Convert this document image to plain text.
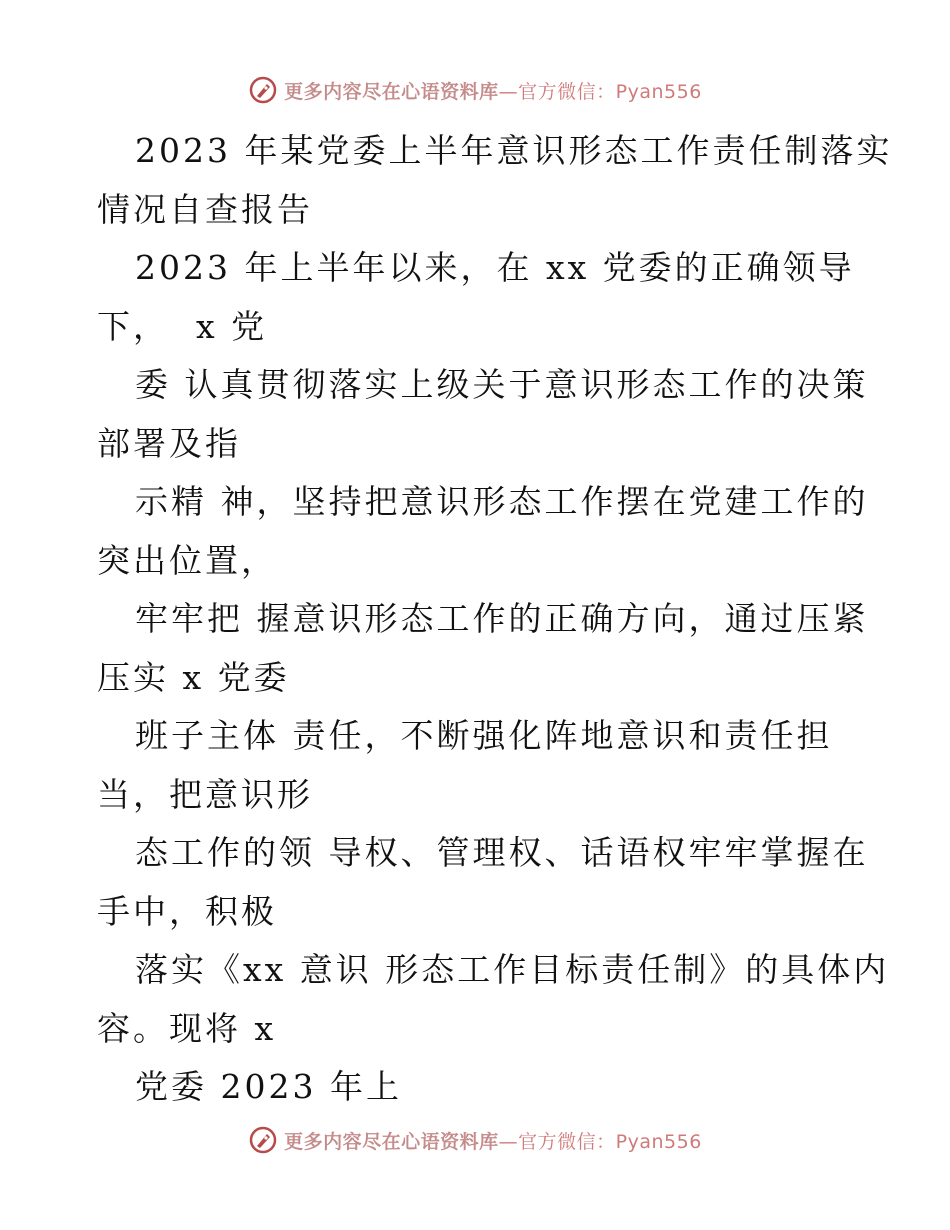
更多内容尽在心语资料库—官方微信：Pyan556
2023 年某党委上半年意识形态工作责任制落实
情况自查报告
2023 年上半年以来，在 xx 党委的正确领导
下，  x 党
委 认真贯彻落实上级关于意识形态工作的决策
部署及指
示精 神，坚持把意识形态工作摆在党建工作的
突出位置，
牢牢把 握意识形态工作的正确方向，通过压紧
压实 x 党委
班子主体 责任，不断强化阵地意识和责任担
当，把意识形
态工作的领 导权、管理权、话语权牢牢掌握在
手中，积极
落实《xx 意识 形态工作目标责任制》的具体内
容。现将 x
党委 2023 年上
更多内容尽在心语资料库—官方微信：Pyan556
